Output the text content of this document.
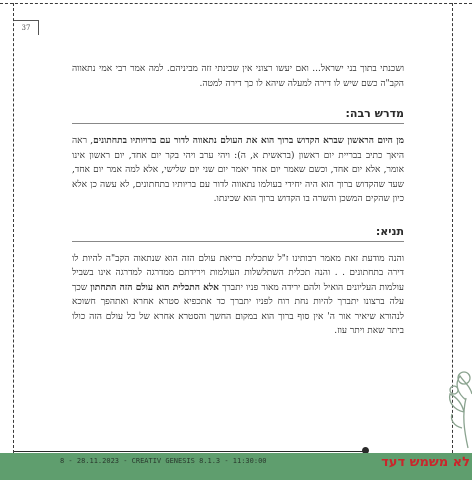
37

ושכנתי בתוך בני ישראל... ואם יעשו רצוני אין שכינתי זזה מביניהם. למה אמר רבי אמי נתאווה הקב"ה כשם שיש לו דירה למעלה שיהא לו כך דירה למטה.

מדרש רבה:

מן היום הראשון שברא הקדוש ברוך הוא את העולם נתאווה לדור עם ברויותיו בתחתונים, ראה היאך כתיב בבריית יום ראשון (בראשית א, ה): ויהי ערב ויהי בקר יום אחד, יום ראשון אינו אומר, אלא יום אחד, וכשם שאמר יום אחד יאמר יום שני יום שלישי, אלא למה אמר יום אחד, שעד שהקדוש ברוך הוא היה יחידי בעולמו נתאווה לדור עם בריותיו בתחתונים, לא עשה כן אלא כיון שהקים המשכן והשרה בו הקדוש ברוך הוא שכינתו.

תניא:

והנה מודעת זאת מאמר רבותינו ז"ל שתכלית בריאת עולם הזה הוא שנתאוה הקב"ה להיות לו דירה בתחתונים . . והנה תכלית השתלשלות העולמות וירידתם ממדרגה למדרגה אינו בשביל עולמות העליונים הואיל ולהם ירידה מאור פניו יתברך אלא התכלית הוא עולם הזה התחתון שכך עלה ברצונו יתברך להיות נחת רוח לפניו יתברך כד אתכפיא סטרא אחרא ואתהפך חשוכא לנהורא שיאיר אור ה' אין סוף ברוך הוא במקום החשך והסטרא אחרא של כל עולם הזה כולו ביתר שאת ויתר עוז.

8 - 28.11.2023 - CREATIV GENESIS 8.1.3 - 11:30:00	לא משמש דעד
